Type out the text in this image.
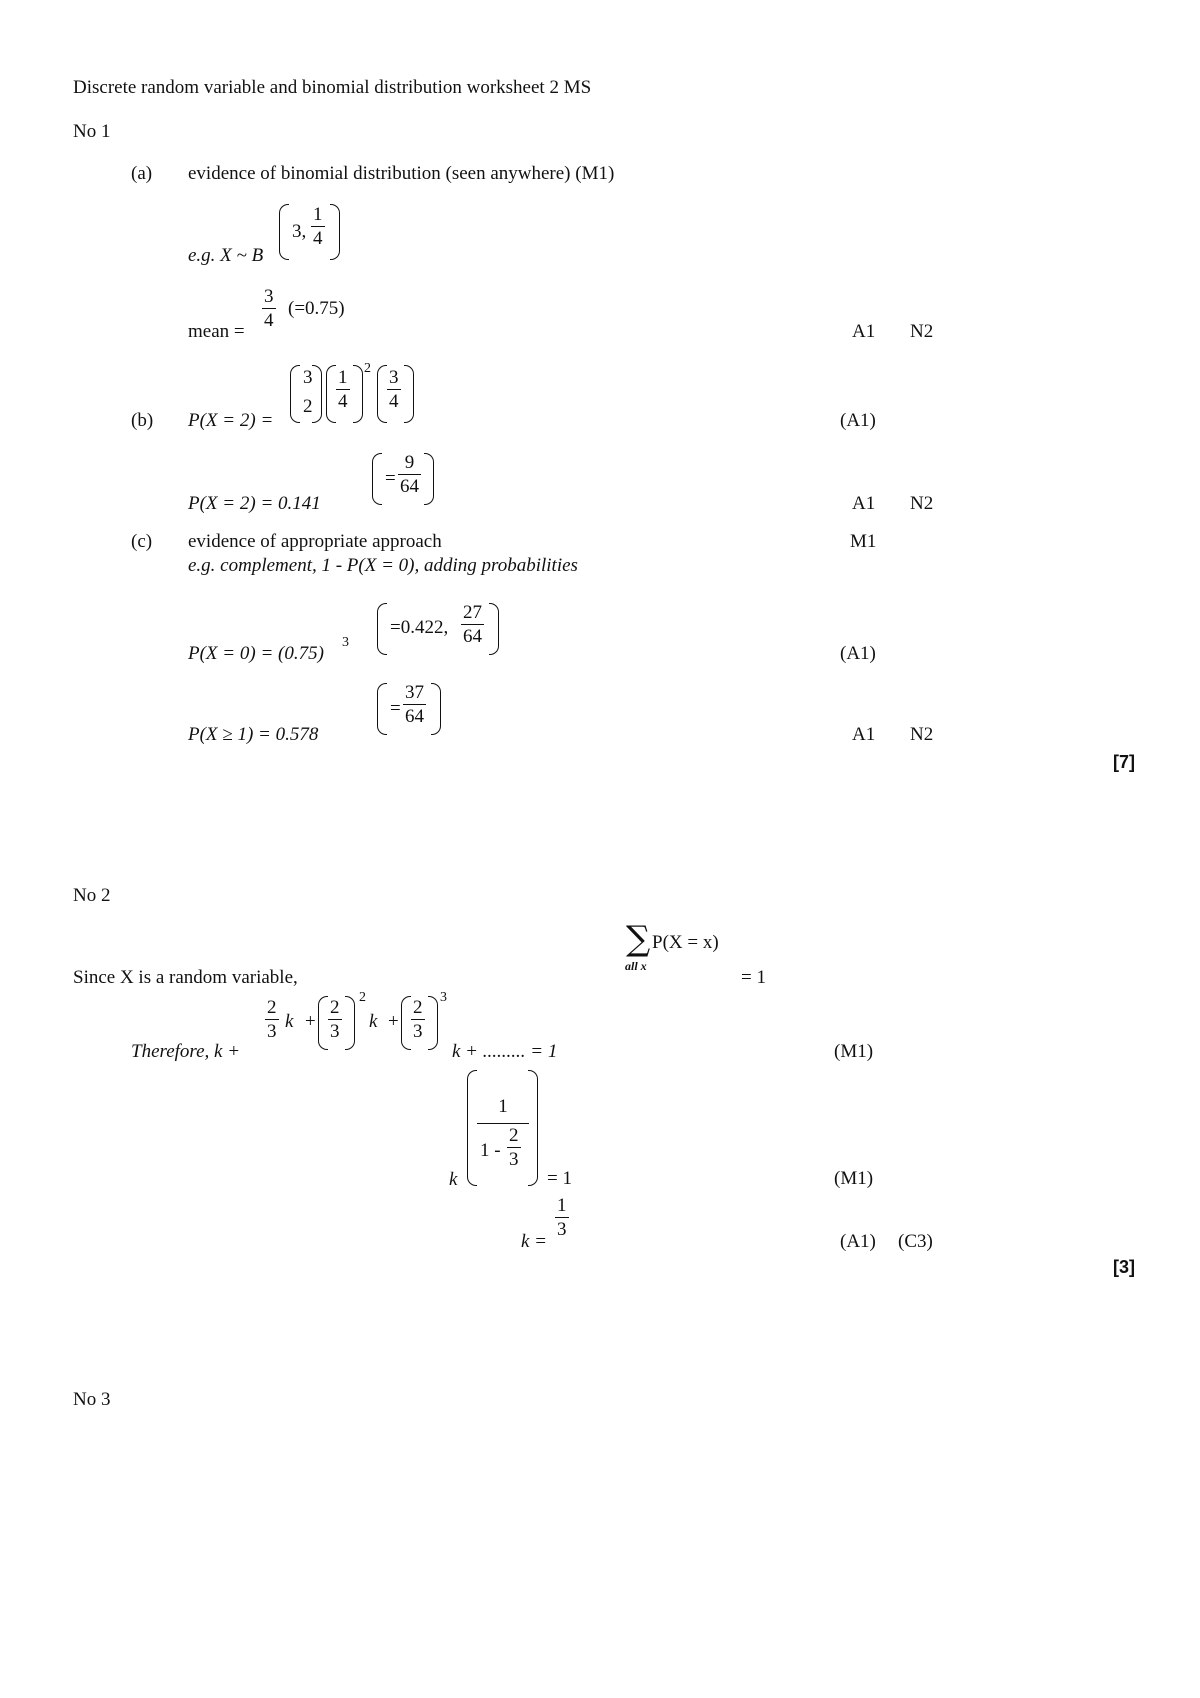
Discrete random variable and binomial distribution worksheet 2 MS
No 1
(a) evidence of binomial distribution (seen anywhere) (M1)
e.g. X ~ B
3, $\frac{1}{4}$
mean =
$\frac{3}{4} (=0.75)$
A1 N2
(b) P(X = 2) =
3
$2 \frac{1}{4} 2 \frac{3}{4}$
(A1)
P(X = 2) = 0.141
= $\frac{9}{64}$
A1 N2
(c) evidence of appropriate approach	M1
e.g. complement, 1 - P(X = 0), adding probabilities
P(X = 0) = (0.75)
3
=0.422, $\frac{27}{64}$
(A1)
P(X ≥ 1) = 0.578
= $\frac{37}{64}$
A1 N2
[7]
No 2
Since X is a random variable,
∑ P(X = x)
all x
= 1
Therefore, k +
$\frac{2}{3}$ $k + \frac{2}{3}$
2
$k + \frac{2}{3}$
3
k + ......... = 1	(M1)
k
1
$1 - \frac{2}{3}$
= 1	(M1)
k =
$\frac{1}{3}$
(A1) (C3)
[3]
No 3
